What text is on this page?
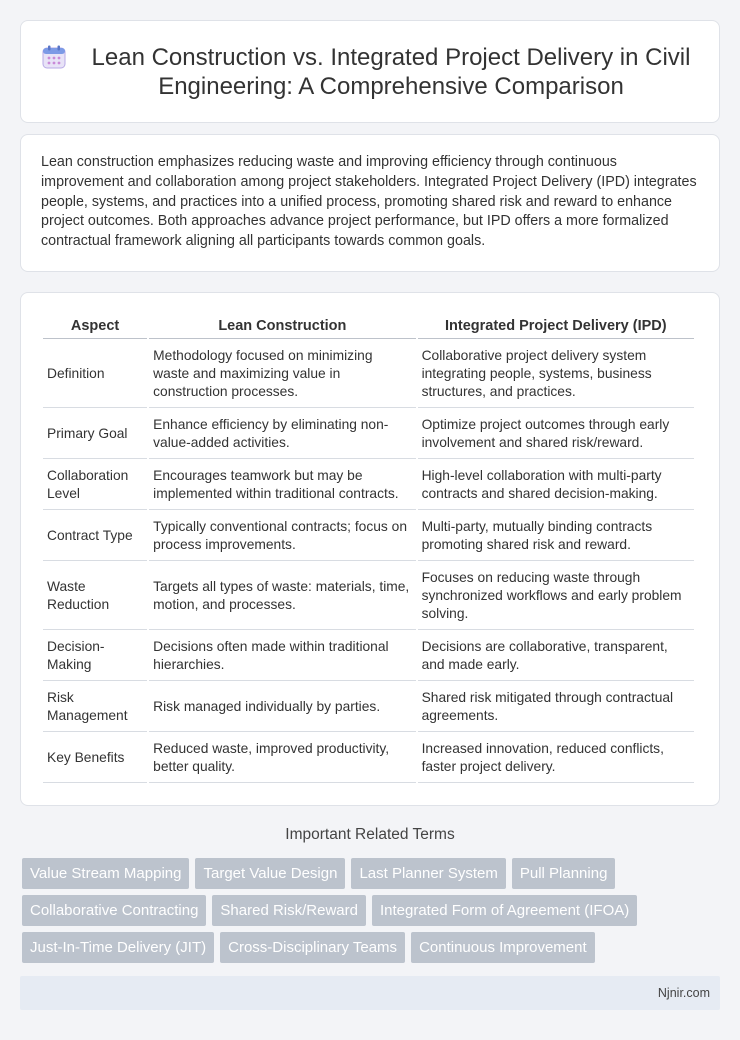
Lean Construction vs. Integrated Project Delivery in Civil Engineering: A Comprehensive Comparison

Lean construction emphasizes reducing waste and improving efficiency through continuous improvement and collaboration among project stakeholders. Integrated Project Delivery (IPD) integrates people, systems, and practices into a unified process, promoting shared risk and reward to enhance project outcomes. Both approaches advance project performance, but IPD offers a more formalized contractual framework aligning all participants towards common goals.

Aspect	Lean Construction	Integrated Project Delivery (IPD)
Definition	Methodology focused on minimizing waste and maximizing value in construction processes.	Collaborative project delivery system integrating people, systems, business structures, and practices.
Primary Goal	Enhance efficiency by eliminating non-value-added activities.	Optimize project outcomes through early involvement and shared risk/reward.
Collaboration Level	Encourages teamwork but may be implemented within traditional contracts.	High-level collaboration with multi-party contracts and shared decision-making.
Contract Type	Typically conventional contracts; focus on process improvements.	Multi-party, mutually binding contracts promoting shared risk and reward.
Waste Reduction	Targets all types of waste: materials, time, motion, and processes.	Focuses on reducing waste through synchronized workflows and early problem solving.
Decision-Making	Decisions often made within traditional hierarchies.	Decisions are collaborative, transparent, and made early.
Risk Management	Risk managed individually by parties.	Shared risk mitigated through contractual agreements.
Key Benefits	Reduced waste, improved productivity, better quality.	Increased innovation, reduced conflicts, faster project delivery.
Important Related Terms
Value Stream Mapping	Target Value Design	Last Planner System	Pull Planning
Collaborative Contracting	Shared Risk/Reward	Integrated Form of Agreement (IFOA)
Just-In-Time Delivery (JIT)	Cross-Disciplinary Teams	Continuous Improvement
Njnir.com
